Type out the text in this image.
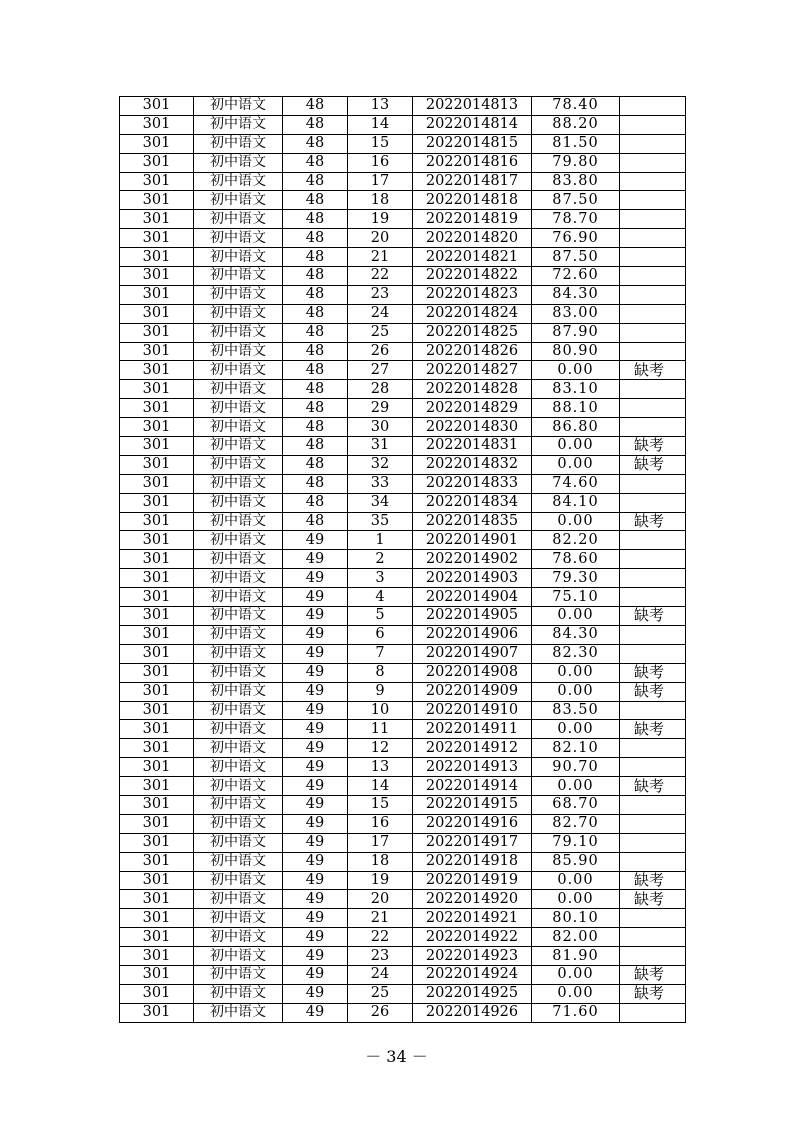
301	初中语文	48	13	2022014813	78.40	
301	初中语文	48	14	2022014814	88.20	
301	初中语文	48	15	2022014815	81.50	
301	初中语文	48	16	2022014816	79.80	
301	初中语文	48	17	2022014817	83.80	
301	初中语文	48	18	2022014818	87.50	
301	初中语文	48	19	2022014819	78.70	
301	初中语文	48	20	2022014820	76.90	
301	初中语文	48	21	2022014821	87.50	
301	初中语文	48	22	2022014822	72.60	
301	初中语文	48	23	2022014823	84.30	
301	初中语文	48	24	2022014824	83.00	
301	初中语文	48	25	2022014825	87.90	
301	初中语文	48	26	2022014826	80.90	
301	初中语文	48	27	2022014827	0.00	缺考
301	初中语文	48	28	2022014828	83.10	
301	初中语文	48	29	2022014829	88.10	
301	初中语文	48	30	2022014830	86.80	
301	初中语文	48	31	2022014831	0.00	缺考
301	初中语文	48	32	2022014832	0.00	缺考
301	初中语文	48	33	2022014833	74.60	
301	初中语文	48	34	2022014834	84.10	
301	初中语文	48	35	2022014835	0.00	缺考
301	初中语文	49	1	2022014901	82.20	
301	初中语文	49	2	2022014902	78.60	
301	初中语文	49	3	2022014903	79.30	
301	初中语文	49	4	2022014904	75.10	
301	初中语文	49	5	2022014905	0.00	缺考
301	初中语文	49	6	2022014906	84.30	
301	初中语文	49	7	2022014907	82.30	
301	初中语文	49	8	2022014908	0.00	缺考
301	初中语文	49	9	2022014909	0.00	缺考
301	初中语文	49	10	2022014910	83.50	
301	初中语文	49	11	2022014911	0.00	缺考
301	初中语文	49	12	2022014912	82.10	
301	初中语文	49	13	2022014913	90.70	
301	初中语文	49	14	2022014914	0.00	缺考
301	初中语文	49	15	2022014915	68.70	
301	初中语文	49	16	2022014916	82.70	
301	初中语文	49	17	2022014917	79.10	
301	初中语文	49	18	2022014918	85.90	
301	初中语文	49	19	2022014919	0.00	缺考
301	初中语文	49	20	2022014920	0.00	缺考
301	初中语文	49	21	2022014921	80.10	
301	初中语文	49	22	2022014922	82.00	
301	初中语文	49	23	2022014923	81.90	
301	初中语文	49	24	2022014924	0.00	缺考
301	初中语文	49	25	2022014925	0.00	缺考
301	初中语文	49	26	2022014926	71.60	
－ 34 －
